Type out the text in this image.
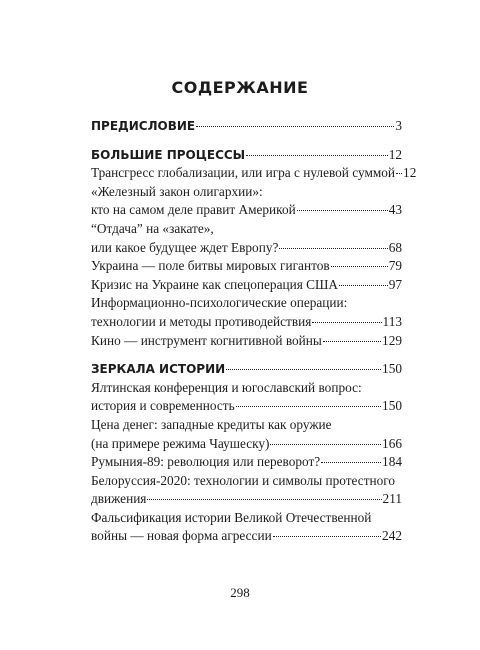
СОДЕРЖАНИЕ
ПРЕДИСЛОВИЕ	3
БОЛЬШИЕ ПРОЦЕССЫ	12
Трансгресс глобализации, или игра с нулевой суммой 12
«Железный закон олигархии»:
кто на самом деле правит Америкой	43
“Отдача” на «закате»,
или какое будущее ждет Европу?	68
Украина — поле битвы мировых гигантов	79
Кризис на Украине как спецоперация США	97
Информационно-психологические операции:
технологии и методы противодействия	113
Кино — инструмент когнитивной войны	129
ЗЕРКАЛА ИСТОРИИ	150
Ялтинская конференция и югославский вопрос:
история и современность	150
Цена денег: западные кредиты как оружие
(на примере режима Чаушеску)	166
Румыния-89: революция или переворот?	184
Белоруссия-2020: технологии и символы протестного
движения	211
Фальсификация истории Великой Отечественной
войны — новая форма агрессии	242
298
